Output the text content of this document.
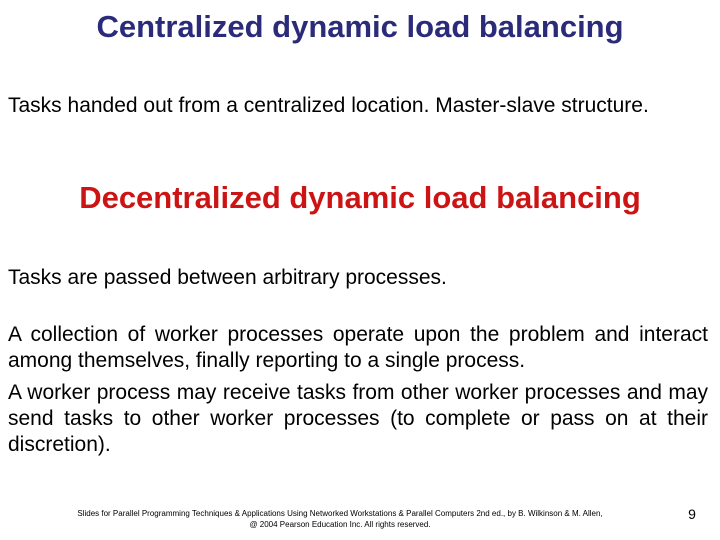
Centralized dynamic load balancing

Tasks handed out from a centralized location. Master-slave structure.

Decentralized dynamic load balancing

Tasks are passed between arbitrary processes.

A collection of worker processes operate upon the problem and interact among themselves, finally reporting to a single process.

A worker process may receive tasks from other worker processes and may send tasks to other worker processes (to complete or pass on at their discretion).

Slides for Parallel Programming Techniques & Applications Using Networked Workstations & Parallel Computers 2nd ed., by B. Wilkinson & M. Allen,
@ 2004 Pearson Education Inc. All rights reserved.
9
